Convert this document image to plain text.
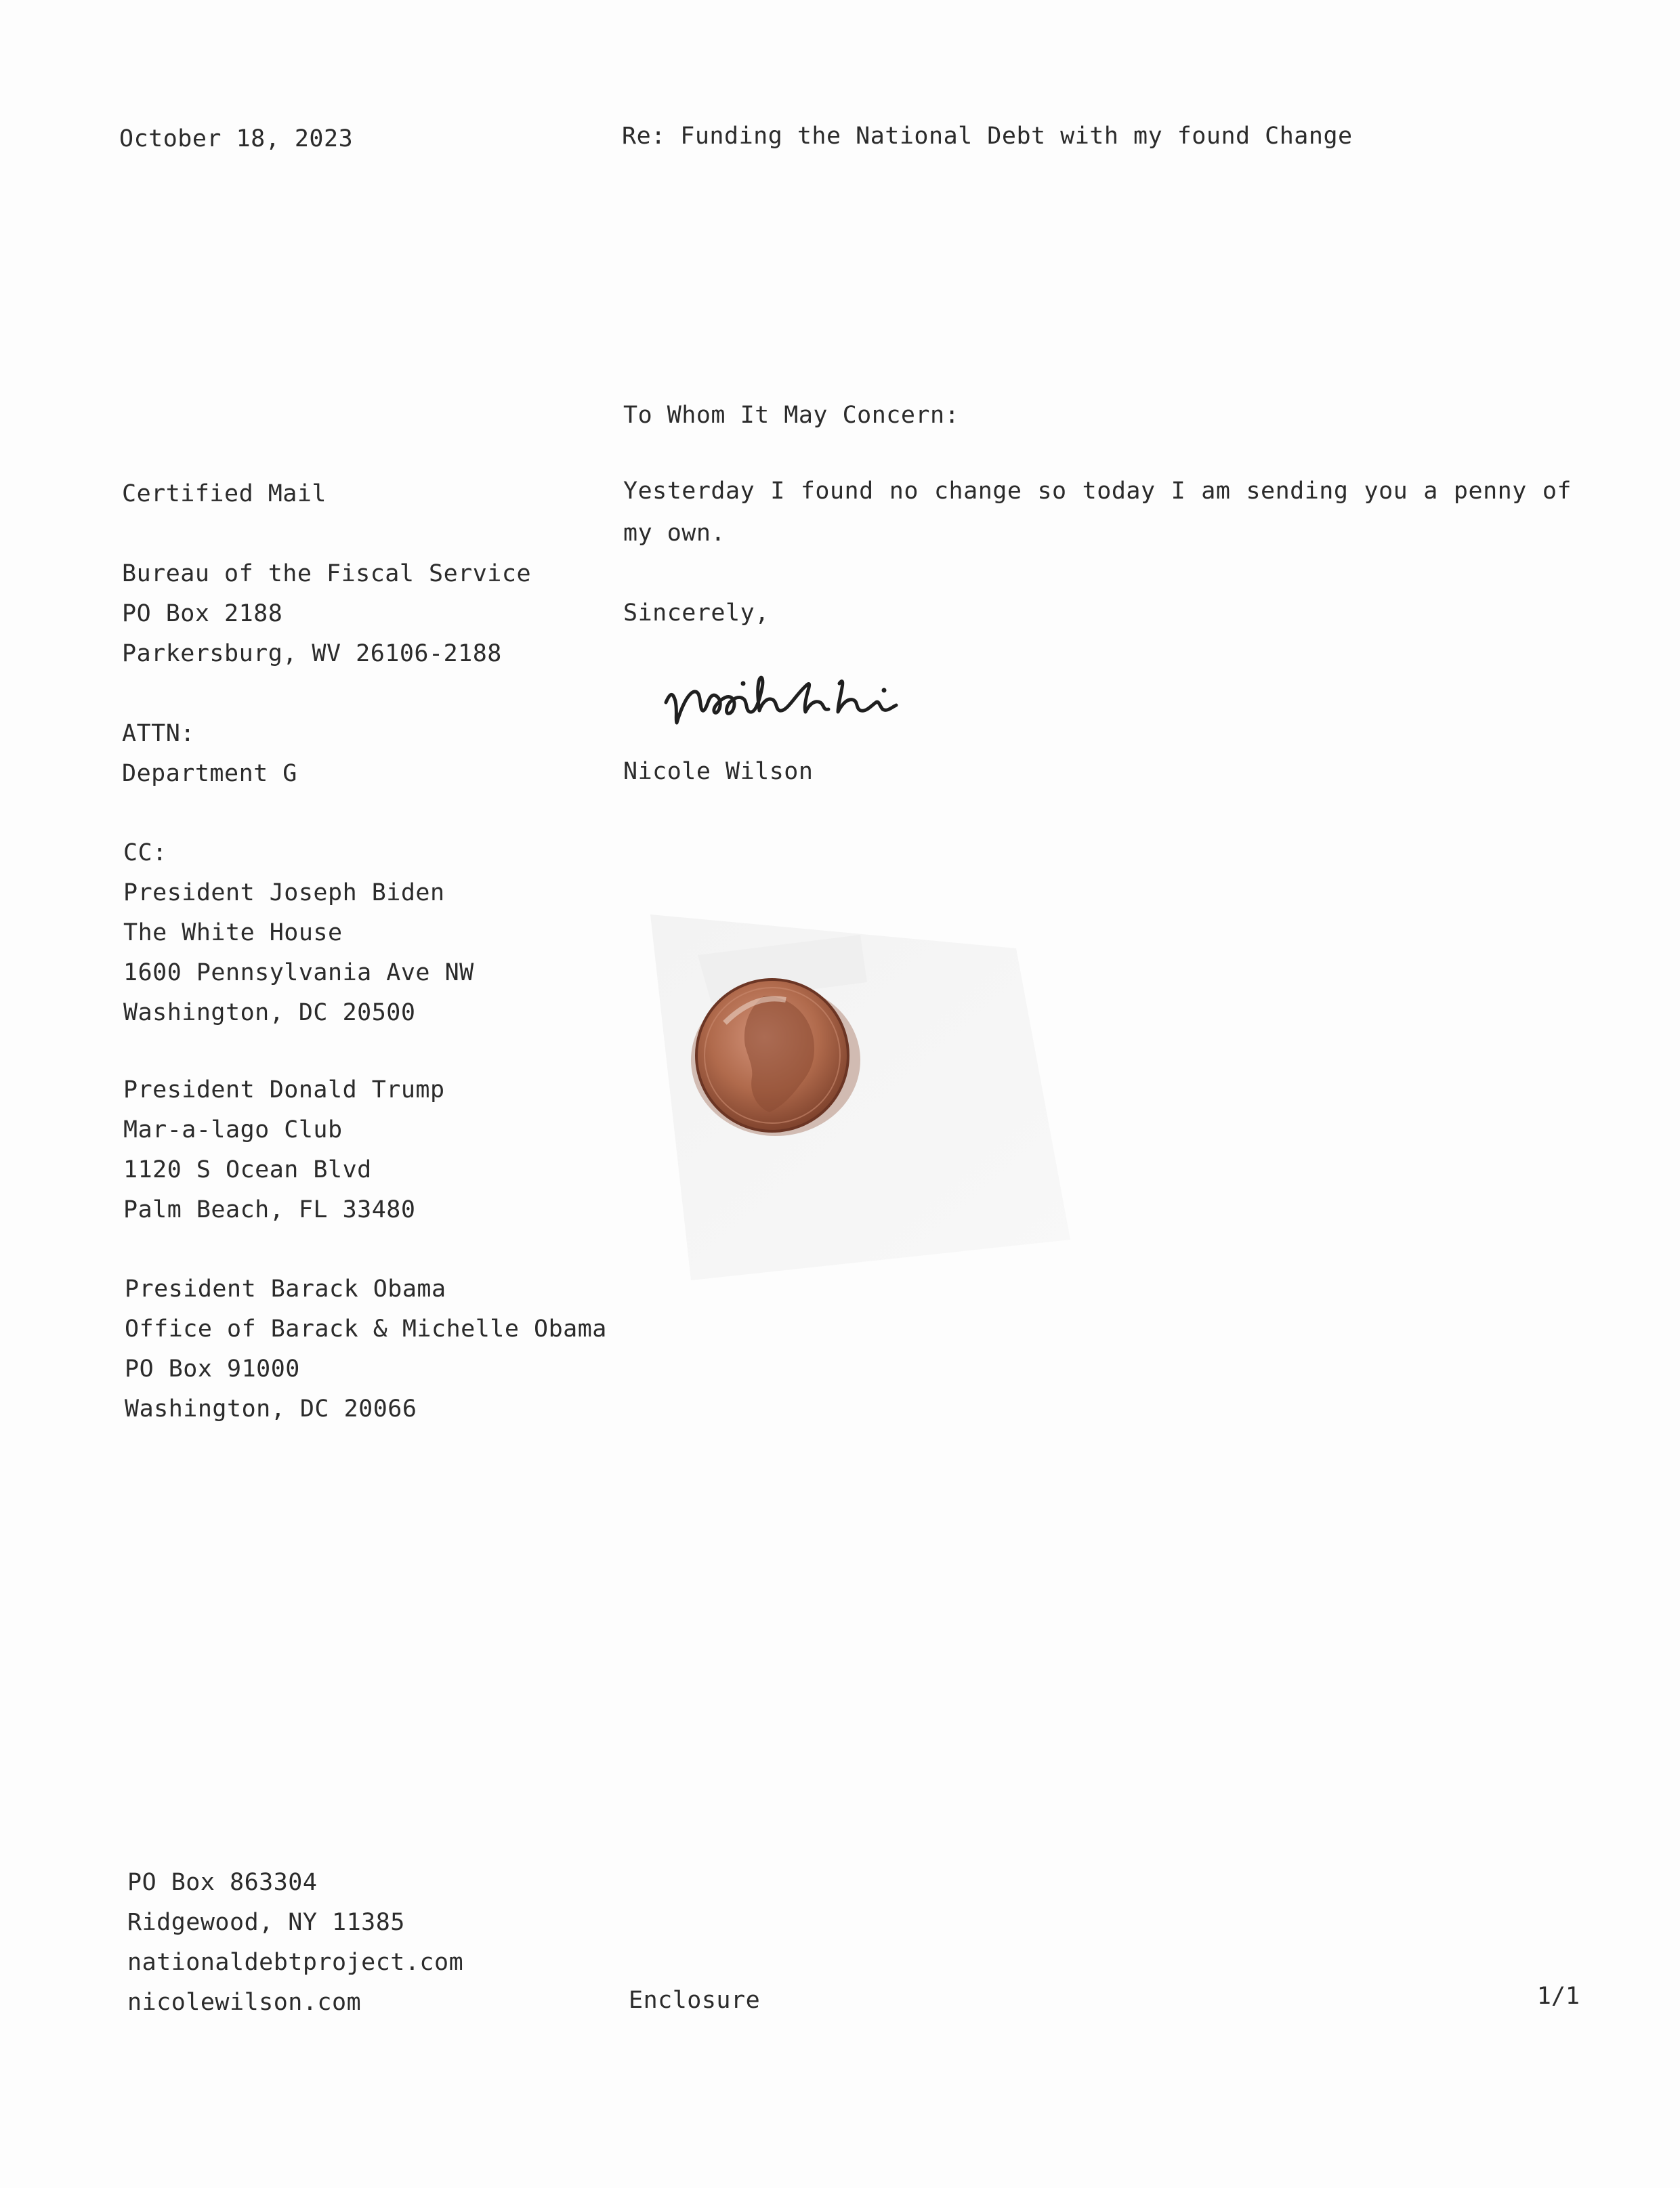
October 18, 2023	Re: Funding the National Debt with my found Change
To Whom It May Concern:
Certified Mail
Bureau of the Fiscal Service
PO Box 2188
Parkersburg, WV 26106-2188
ATTN:
Department G
CC:
President Joseph Biden
The White House
1600 Pennsylvania Ave NW
Washington, DC 20500
President Donald Trump
Mar-a-lago Club
1120 S Ocean Blvd
Palm Beach, FL 33480
President Barack Obama
Office of Barack & Michelle Obama
PO Box 91000
Washington, DC 20066
Yesterday I found no change so today I am sending you a penny of my own.
Sincerely,
Nicole Wilson
PO Box 863304
Ridgewood, NY 11385
nationaldebtproject.com
nicolewilson.com	Enclosure	1/1
